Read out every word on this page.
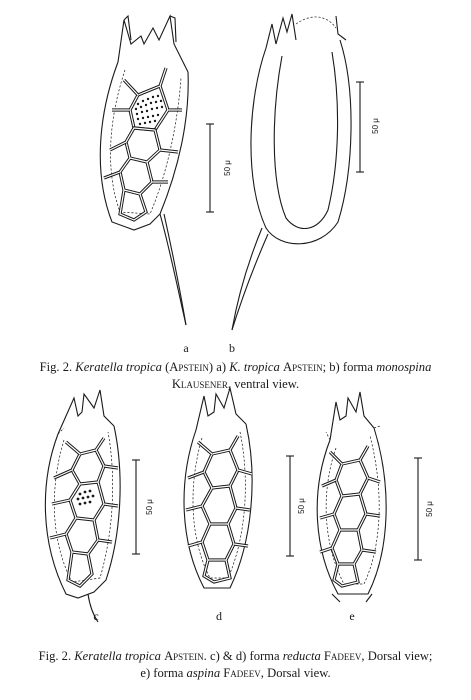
50 μ
a
50 μ
b
Fig. 2. Keratella tropica (Apstein) a) K. tropica Apstein; b) forma monospina Klausener, ventral view.
50 μ
c
50 μ
d
50 μ
e
Fig. 2. Keratella tropica Apstein. c) & d) forma reducta Fadeev, Dorsal view;
e) forma aspina Fadeev, Dorsal view.
